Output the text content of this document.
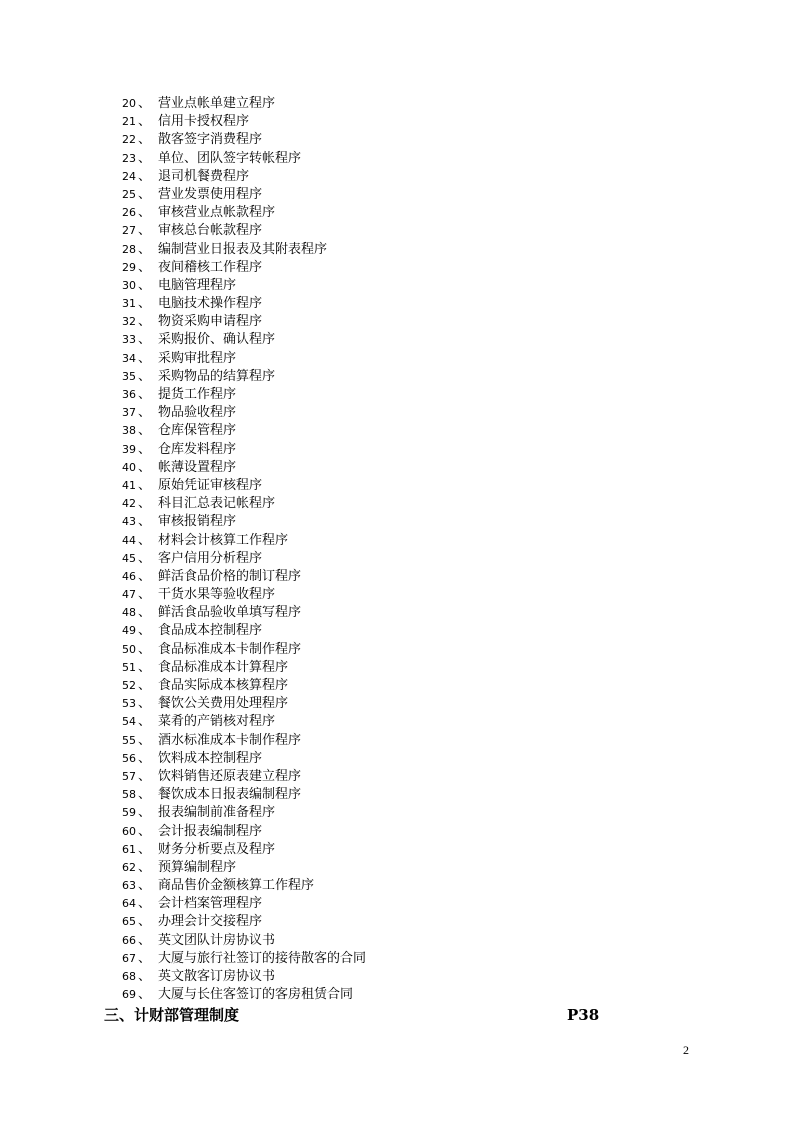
20 、 营业点帐单建立程序
21 、 信用卡授权程序
22 、 散客签字消费程序
23 、 单位、团队签字转帐程序
24 、 退司机餐费程序
25 、 营业发票使用程序
26 、 审核营业点帐款程序
27 、 审核总台帐款程序
28 、 编制营业日报表及其附表程序
29 、 夜间稽核工作程序
30 、 电脑管理程序
31 、 电脑技术操作程序
32 、 物资采购申请程序
33 、 采购报价、确认程序
34 、 采购审批程序
35 、 采购物品的结算程序
36 、 提货工作程序
37 、 物品验收程序
38 、 仓库保管程序
39 、 仓库发料程序
40 、 帐薄设置程序
41 、 原始凭证审核程序
42 、 科目汇总表记帐程序
43 、 审核报销程序
44 、 材料会计核算工作程序
45 、 客户信用分析程序
46 、 鲜活食品价格的制订程序
47 、 干货水果等验收程序
48 、 鲜活食品验收单填写程序
49 、 食品成本控制程序
50 、 食品标准成本卡制作程序
51 、 食品标准成本计算程序
52 、 食品实际成本核算程序
53 、 餐饮公关费用处理程序
54 、 菜肴的产销核对程序
55 、 酒水标准成本卡制作程序
56 、 饮料成本控制程序
57 、 饮料销售还原表建立程序
58 、 餐饮成本日报表编制程序
59 、 报表编制前准备程序
60 、 会计报表编制程序
61 、 财务分析要点及程序
62 、 预算编制程序
63 、 商品售价金额核算工作程序
64 、 会计档案管理程序
65 、 办理会计交接程序
66 、 英文团队计房协议书
67 、 大厦与旅行社签订的接待散客的合同
68 、 英文散客订房协议书
69 、 大厦与长住客签订的客房租赁合同
三、计财部管理制度	P38
2
